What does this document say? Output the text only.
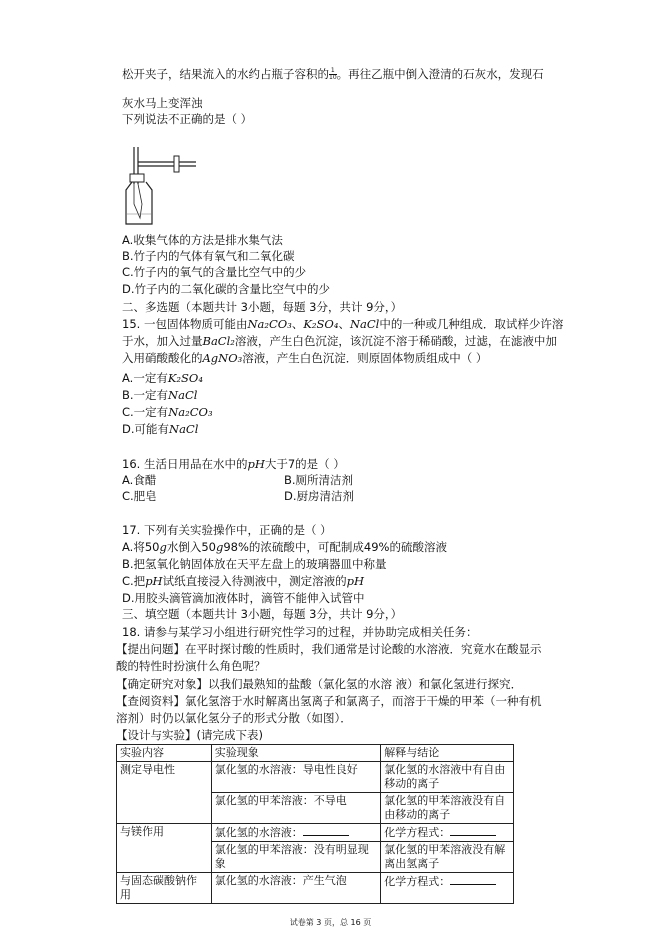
松开夹子，结果流入的水约占瓶子容积的 $\frac{1}{10}$ 。再往乙瓶中倒入澄清的石灰水，发现石
灰水马上变浑浊
下列说法不正确的是（ ）
A.收集气体的方法是排水集气法
B.竹子内的气体有氧气和二氧化碳
C.竹子内的氧气的含量比空气中的少
D.竹子内的二氧化碳的含量比空气中的少
二、多选题（本题共计 3小题，每题 3分，共计 9分，）
15. 一包固体物质可能由Na₂CO₃、K₂SO₄、NaCl中的一种或几种组成．取试样少许溶
于水，加入过量BaCl₂溶液，产生白色沉淀，该沉淀不溶于稀硝酸，过滤，在滤液中加
入用硝酸酸化的AgNO₃溶液，产生白色沉淀．则原固体物质组成中（ ）
A.一定有K₂SO₄
B.一定有NaCl
C.一定有Na₂CO₃
D.可能有NaCl
16. 生活日用品在水中的pH大于7的是（ ）
A.食醋	B.厕所清洁剂
C.肥皂	D.厨房清洁剂
17. 下列有关实验操作中，正确的是（ ）
A.将50g水倒入50g98%的浓硫酸中，可配制成49%的硫酸溶液
B.把氢氧化钠固体放在天平左盘上的玻璃器皿中称量
C.把pH试纸直接浸入待测液中，测定溶液的pH
D.用胶头滴管滴加液体时，滴管不能伸入试管中
三、填空题（本题共计 3小题，每题 3分，共计 9分，）
18. 请参与某学习小组进行研究性学习的过程，并协助完成相关任务：
【提出问题】在平时探讨酸的性质时，我们通常是讨论酸的水溶液．究竟水在酸显示
酸的特性时扮演什么角色呢？
【确定研究对象】以我们最熟知的盐酸（氯化氢的水溶 液）和氯化氢进行探究．
【查阅资料】氯化氢溶于水时解离出氢离子和氯离子，而溶于干燥的甲苯（一种有机
溶剂）时仍以氯化氢分子的形式分散（如图）．
【设计与实验】(请完成下表)
实验内容	实验现象	解释与结论
测定导电性	氯化氢的水溶液：导电性良好	氯化氢的水溶液中有自由移动的离子
	氯化氢的甲苯溶液：不导电	氯化氢的甲苯溶液没有自由移动的离子
与镁作用	氯化氢的水溶液：	化学方程式：
	氯化氢的甲苯溶液：没有明显现象	氯化氢的甲苯溶液没有解离出氢离子
与固态碳酸钠作用	氯化氢的水溶液：产生气泡	化学方程式：
试卷第 3 页，总 16 页
